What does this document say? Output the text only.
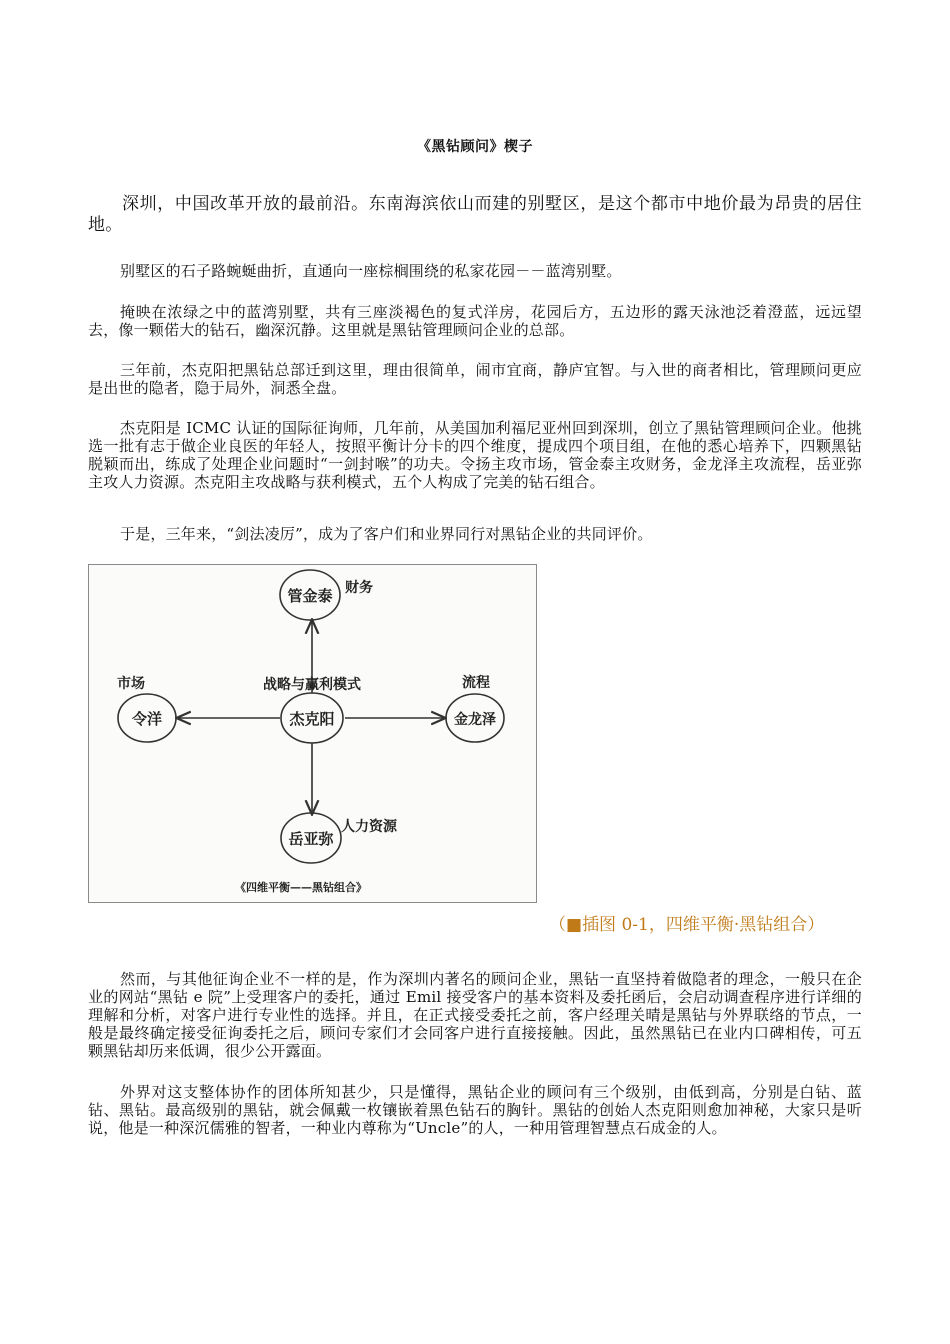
《黑钻顾问》楔子

深圳，中国改革开放的最前沿。东南海滨依山而建的别墅区，是这个都市中地价最为昂贵的居住地。

别墅区的石子路蜿蜒曲折，直通向一座棕榈围绕的私家花园－－蓝湾别墅。

掩映在浓绿之中的蓝湾别墅，共有三座淡褐色的复式洋房，花园后方，五边形的露天泳池泛着澄蓝，远远望去，像一颗偌大的钻石，幽深沉静。这里就是黑钻管理顾问企业的总部。

三年前，杰克阳把黑钻总部迁到这里，理由很简单，闹市宜商，静庐宜智。与入世的商者相比，管理顾问更应是出世的隐者，隐于局外，洞悉全盘。

杰克阳是 ICMC 认证的国际征询师，几年前，从美国加利福尼亚州回到深圳，创立了黑钻管理顾问企业。他挑选一批有志于做企业良医的年轻人，按照平衡计分卡的四个维度，提成四个项目组，在他的悉心培养下，四颗黑钻脱颖而出，练成了处理企业问题时“一剑封喉”的功夫。令扬主攻市场，管金泰主攻财务，金龙泽主攻流程，岳亚弥主攻人力资源。杰克阳主攻战略与获利模式，五个人构成了完美的钻石组合。

于是，三年来，“剑法凌厉”，成为了客户们和业界同行对黑钻企业的共同评价。

管金泰
杰克阳
令洋	金龙泽
岳亚弥
财务
战略与赢利模式
市场	流程
人力资源
《四维平衡——黑钻组合》
（■插图 0-1，四维平衡·黑钻组合）

然而，与其他征询企业不一样的是，作为深圳内著名的顾问企业，黑钻一直坚持着做隐者的理念，一般只在企业的网站“黑钻 e 院”上受理客户的委托，通过 Emil 接受客户的基本资料及委托函后，会启动调查程序进行详细的理解和分析，对客户进行专业性的选择。并且，在正式接受委托之前，客户经理关晴是黑钻与外界联络的节点，一般是最终确定接受征询委托之后，顾问专家们才会同客户进行直接接触。因此，虽然黑钻已在业内口碑相传，可五颗黑钻却历来低调，很少公开露面。

外界对这支整体协作的团体所知甚少，只是懂得，黑钻企业的顾问有三个级别，由低到高，分别是白钻、蓝钻、黑钻。最高级别的黑钻，就会佩戴一枚镶嵌着黑色钻石的胸针。黑钻的创始人杰克阳则愈加神秘，大家只是听说，他是一种深沉儒雅的智者，一种业内尊称为“Uncle”的人，一种用管理智慧点石成金的人。
